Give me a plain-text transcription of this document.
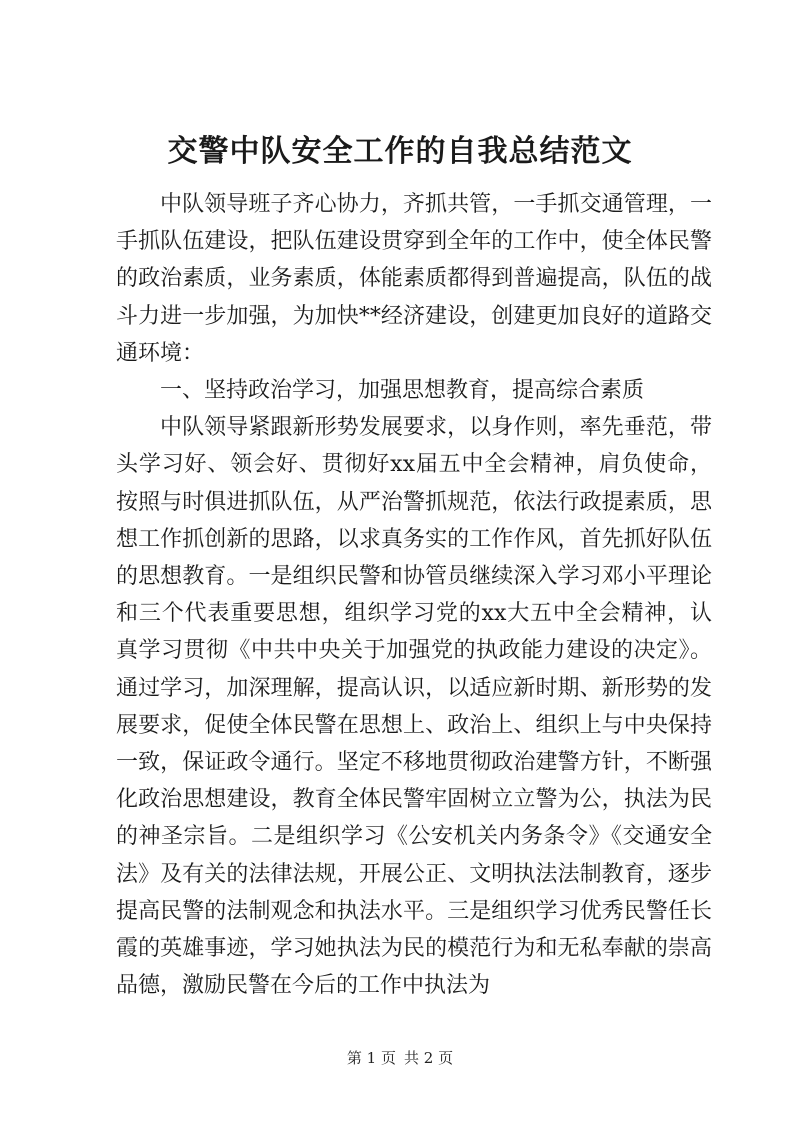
交警中队安全工作的自我总结范文

中队领导班子齐心协力，齐抓共管，一手抓交通管理，一手抓队伍建设，把队伍建设贯穿到全年的工作中，使全体民警的政治素质，业务素质，体能素质都得到普遍提高，队伍的战斗力进一步加强，为加快**经济建设，创建更加良好的道路交通环境：

一、坚持政治学习，加强思想教育，提高综合素质

中队领导紧跟新形势发展要求，以身作则，率先垂范，带头学习好、领会好、贯彻好xx届五中全会精神，肩负使命，按照与时俱进抓队伍，从严治警抓规范，依法行政提素质，思想工作抓创新的思路，以求真务实的工作作风，首先抓好队伍的思想教育。一是组织民警和协管员继续深入学习邓小平理论和三个代表重要思想，组织学习党的xx大五中全会精神，认真学习贯彻《中共中央关于加强党的执政能力建设的决定》。通过学习，加深理解，提高认识，以适应新时期、新形势的发展要求，促使全体民警在思想上、政治上、组织上与中央保持一致，保证政令通行。坚定不移地贯彻政治建警方针，不断强化政治思想建设，教育全体民警牢固树立立警为公，执法为民的神圣宗旨。二是组织学习《公安机关内务条令》《交通安全法》及有关的法律法规，开展公正、文明执法法制教育，逐步提高民警的法制观念和执法水平。三是组织学习优秀民警任长霞的英雄事迹，学习她执法为民的模范行为和无私奉献的崇高品德，激励民警在今后的工作中执法为

第 1 页 共 2 页
